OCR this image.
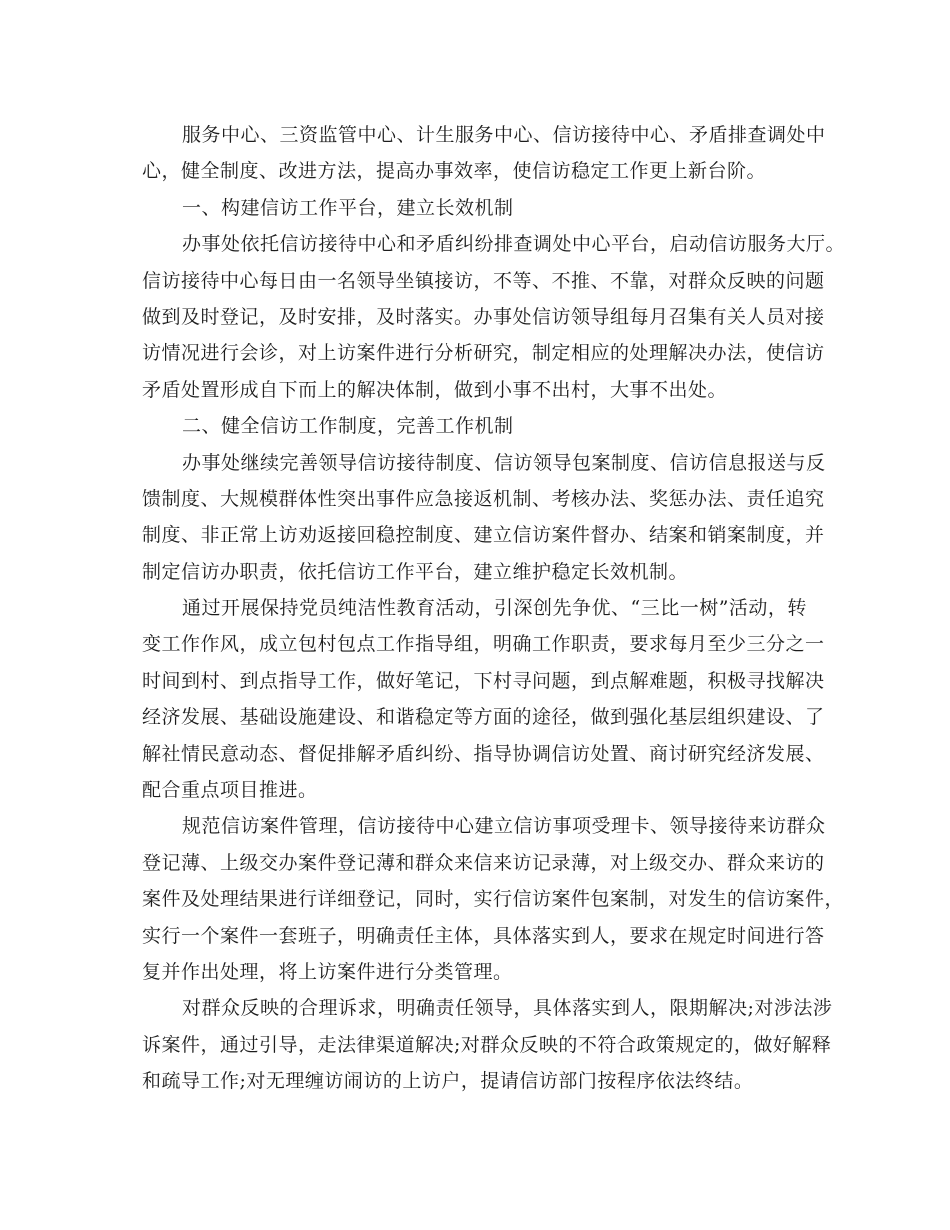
服务中心、三资监管中心、计生服务中心、信访接待中心、矛盾排查调处中
心，健全制度、改进方法，提高办事效率，使信访稳定工作更上新台阶。
一、构建信访工作平台，建立长效机制
办事处依托信访接待中心和矛盾纠纷排查调处中心平台，启动信访服务大厅。
信访接待中心每日由一名领导坐镇接访，不等、不推、不靠，对群众反映的问题
做到及时登记，及时安排，及时落实。办事处信访领导组每月召集有关人员对接
访情况进行会诊，对上访案件进行分析研究，制定相应的处理解决办法，使信访
矛盾处置形成自下而上的解决体制，做到小事不出村，大事不出处。
二、健全信访工作制度，完善工作机制
办事处继续完善领导信访接待制度、信访领导包案制度、信访信息报送与反
馈制度、大规模群体性突出事件应急接返机制、考核办法、奖惩办法、责任追究
制度、非正常上访劝返接回稳控制度、建立信访案件督办、结案和销案制度，并
制定信访办职责，依托信访工作平台，建立维护稳定长效机制。
通过开展保持党员纯洁性教育活动，引深创先争优、“三比一树”活动，转
变工作作风，成立包村包点工作指导组，明确工作职责，要求每月至少三分之一
时间到村、到点指导工作，做好笔记，下村寻问题，到点解难题，积极寻找解决
经济发展、基础设施建设、和谐稳定等方面的途径，做到强化基层组织建设、了
解社情民意动态、督促排解矛盾纠纷、指导协调信访处置、商讨研究经济发展、
配合重点项目推进。
规范信访案件管理，信访接待中心建立信访事项受理卡、领导接待来访群众
登记薄、上级交办案件登记薄和群众来信来访记录薄，对上级交办、群众来访的
案件及处理结果进行详细登记，同时，实行信访案件包案制，对发生的信访案件，
实行一个案件一套班子，明确责任主体，具体落实到人，要求在规定时间进行答
复并作出处理，将上访案件进行分类管理。
对群众反映的合理诉求，明确责任领导，具体落实到人，限期解决;对涉法涉
诉案件，通过引导，走法律渠道解决;对群众反映的不符合政策规定的，做好解释
和疏导工作;对无理缠访闹访的上访户，提请信访部门按程序依法终结。
